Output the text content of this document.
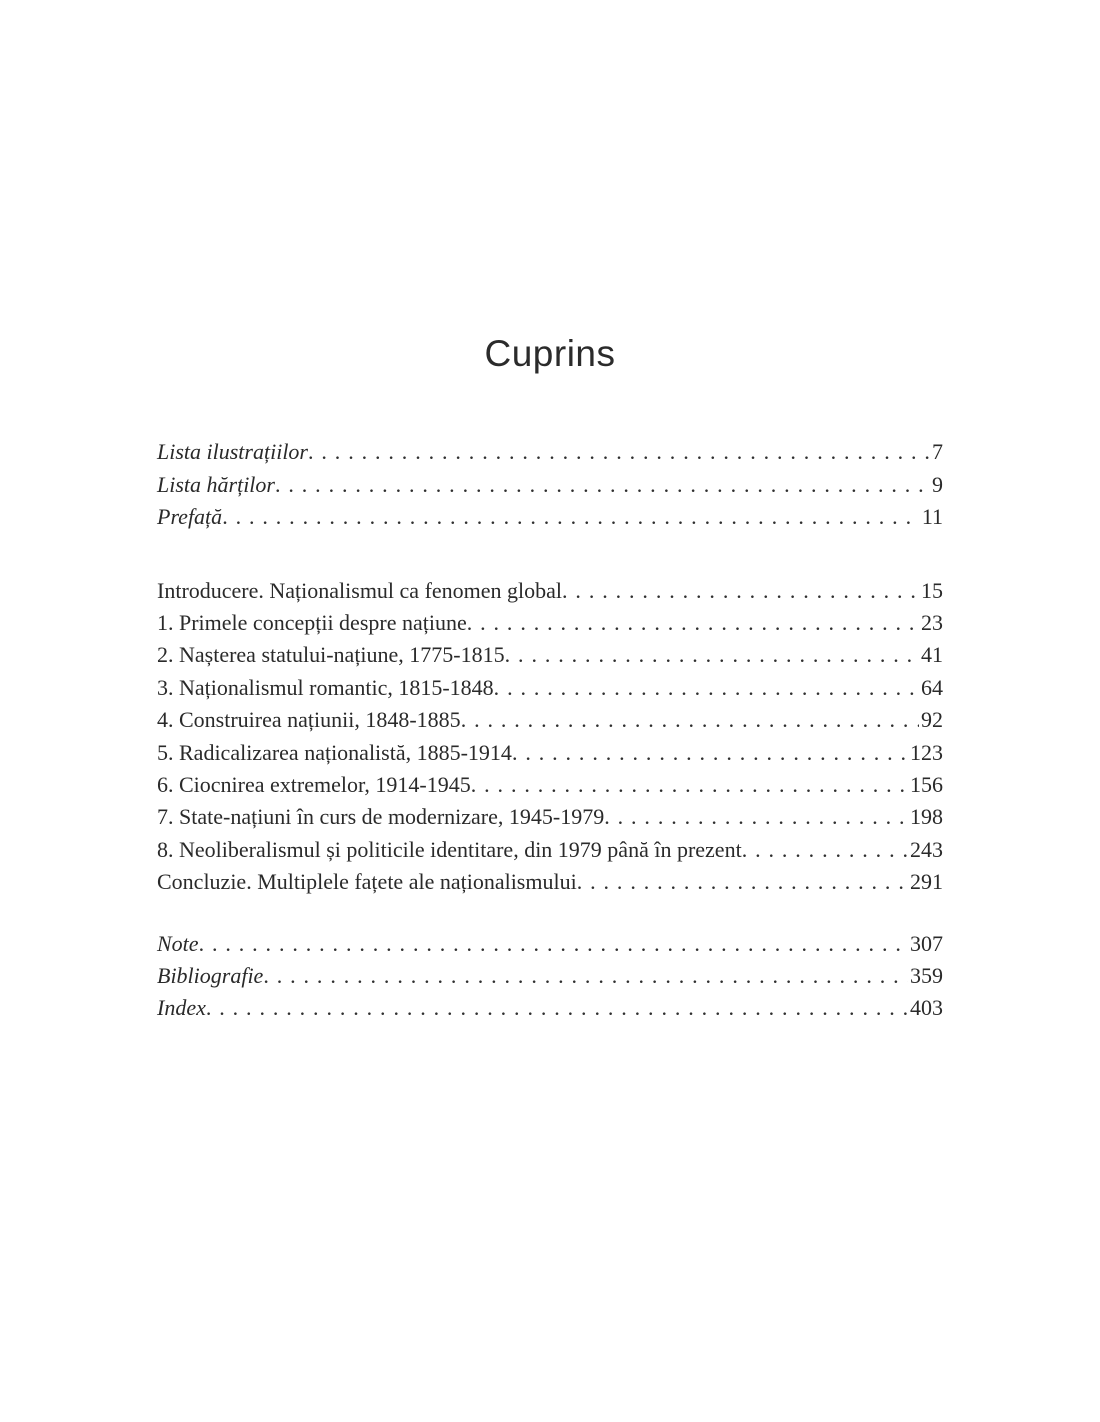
Cuprins
Lista ilustrațiilor . . .	7
Lista hărților . . .	9
Prefață . . .	11
Introducere. Naționalismul ca fenomen global . . .	15
1. Primele concepții despre națiune . . .	23
2. Nașterea statului-națiune, 1775-1815 . . .	41
3. Naționalismul romantic, 1815-1848 . . .	64
4. Construirea națiunii, 1848-1885 . . .	92
5. Radicalizarea naționalistă, 1885-1914 . . .	123
6. Ciocnirea extremelor, 1914-1945 . . .	156
7. State-națiuni în curs de modernizare, 1945-1979 . . .	198
8. Neoliberalismul și politicile identitare, din 1979 până în prezent . . .	243
Concluzie. Multiplele fațete ale naționalismului . . .	291
Note . . .	307
Bibliografie . . .	359
Index . . .	403
